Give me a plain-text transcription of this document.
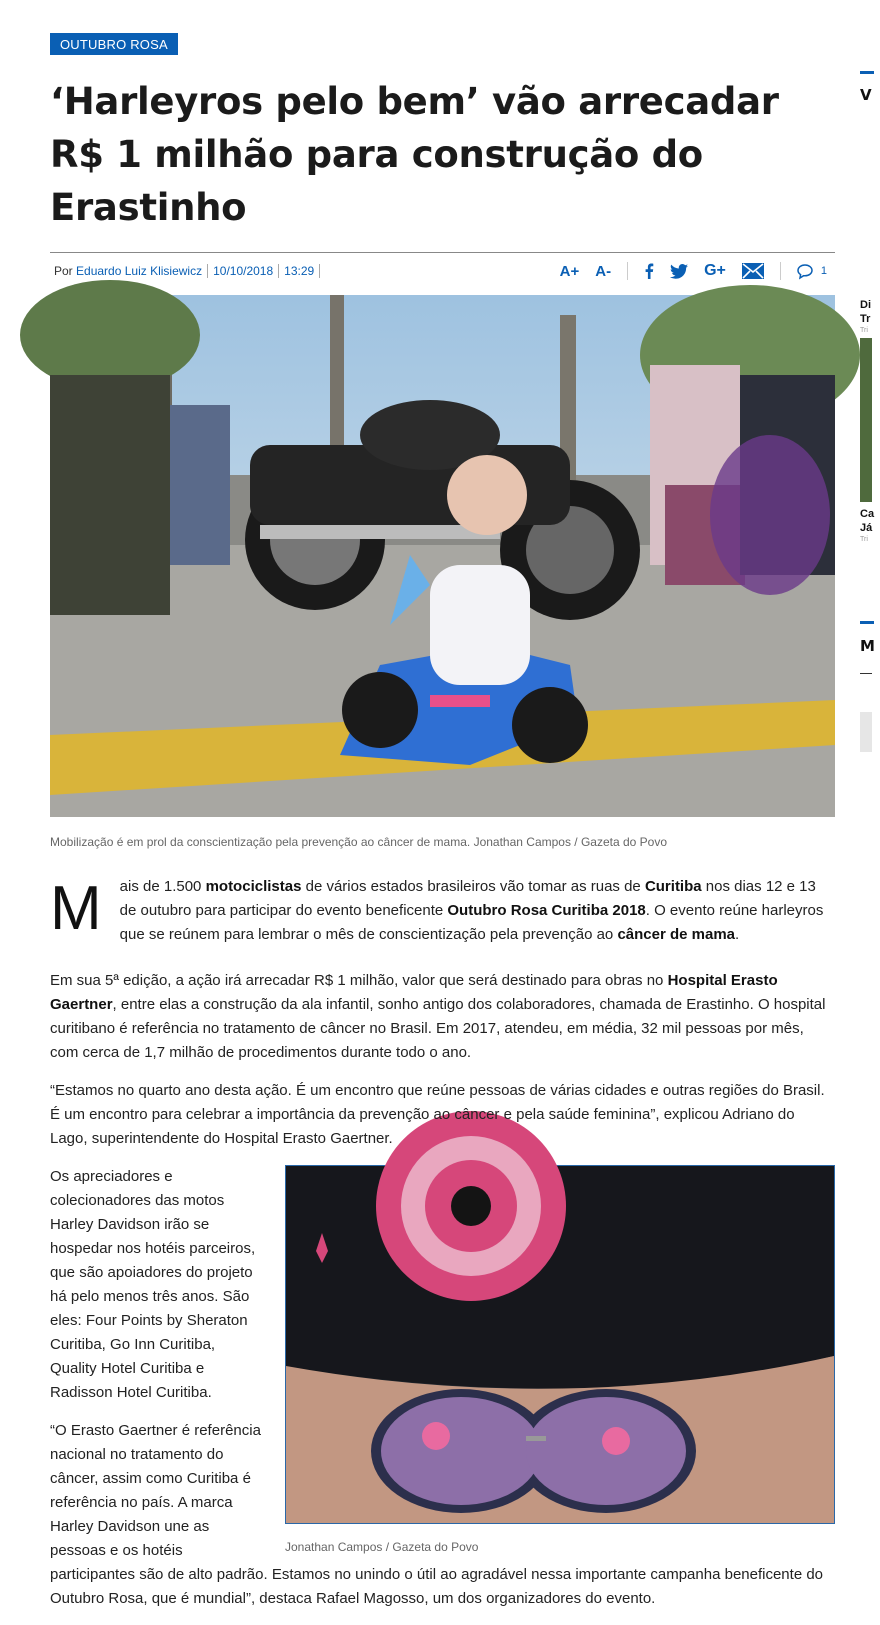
OUTUBRO ROSA
‘Harleyros pelo bem’ vão arrecadar R$ 1 milhão para construção do Erastinho
Por
Eduardo Luiz Klisiewicz 10/10/2018 13:29	A+ A-	G+	1
Mobilização é em prol da conscientização pela prevenção ao câncer de mama. Jonathan Campos / Gazeta do Povo

M ais de 1.500 motociclistas de vários estados brasileiros vão tomar as ruas de Curitiba nos dias 12 e 13 de outubro para participar do evento beneficente Outubro Rosa Curitiba 2018. O evento reúne harleyros que se reúnem para lembrar o mês de conscientização pela prevenção ao câncer de mama.

Em sua 5ª edição, a ação irá arrecadar R$ 1 milhão, valor que será destinado para obras no Hospital Erasto Gaertner, entre elas a construção da ala infantil, sonho antigo dos colaboradores, chamada de Erastinho. O hospital curitibano é referência no tratamento de câncer no Brasil. Em 2017, atendeu, em média, 32 mil pessoas por mês, com cerca de 1,7 milhão de procedimentos durante todo o ano.

“Estamos no quarto ano desta ação. É um encontro que reúne pessoas de várias cidades e outras regiões do Brasil. É um encontro para celebrar a importância da prevenção ao câncer e pela saúde feminina”, explicou Adriano do Lago, superintendente do Hospital Erasto Gaertner.

Jonathan Campos / Gazeta do Povo

Os apreciadores e colecionadores das motos Harley Davidson irão se hospedar nos hotéis parceiros, que são apoiadores do projeto há pelo menos três anos. São eles: Four Points by Sheraton Curitiba, Go Inn Curitiba, Quality Hotel Curitiba e Radisson Hotel Curitiba.

“O Erasto Gaertner é referência nacional no tratamento do câncer, assim como Curitiba é referência no país. A marca Harley Davidson une as pessoas e os hotéis participantes são de alto padrão. Estamos no unindo o útil ao agradável nessa importante campanha beneficente do Outubro Rosa, que é mundial”, destaca Rafael Magosso, um dos organizadores do evento.

V
Di
Tr
Tri
Ca
Já
Tri
M
